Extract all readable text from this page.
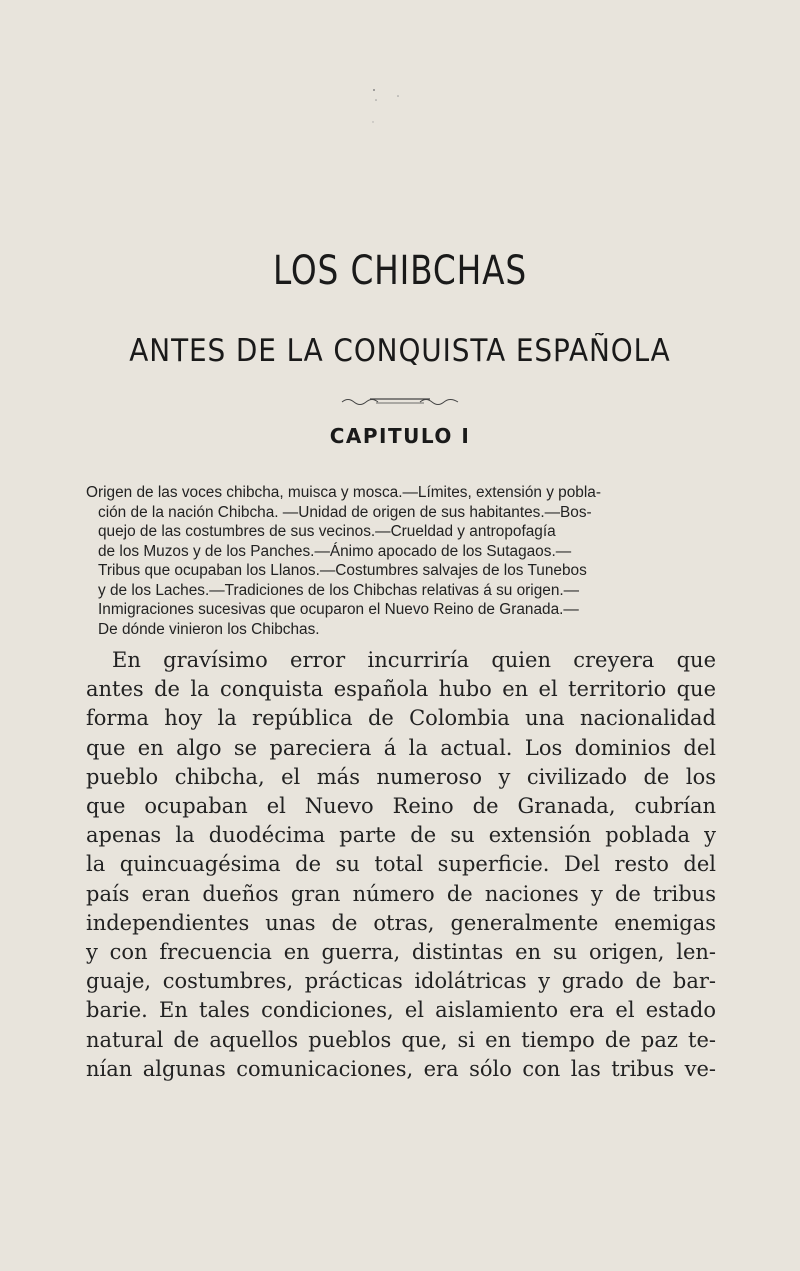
LOS CHIBCHAS
ANTES DE LA CONQUISTA ESPAÑOLA
CAPITULO I
Origen de las voces chibcha, muisca y mosca.—Límites, extensión y pobla-
ción de la nación Chibcha. —Unidad de origen de sus habitantes.—Bos-
quejo de las costumbres de sus vecinos.—Crueldad y antropofagía
de los Muzos y de los Panches.—Ánimo apocado de los Sutagaos.—
Tribus que ocupaban los Llanos.—Costumbres salvajes de los Tunebos
y de los Laches.—Tradiciones de los Chibchas relativas á su origen.—
Inmigraciones sucesivas que ocuparon el Nuevo Reino de Granada.—
De dónde vinieron los Chibchas.
En gravísimo error incurriría quien creyera que
antes de la conquista española hubo en el territorio que
forma hoy la república de Colombia una nacionalidad
que en algo se pareciera á la actual. Los dominios del
pueblo chibcha, el más numeroso y civilizado de los
que ocupaban el Nuevo Reino de Granada, cubrían
apenas la duodécima parte de su extensión poblada y
la quincuagésima de su total superficie. Del resto del
país eran dueños gran número de naciones y de tribus
independientes unas de otras, generalmente enemigas
y con frecuencia en guerra, distintas en su origen, len-
guaje, costumbres, prácticas idolátricas y grado de bar-
barie. En tales condiciones, el aislamiento era el estado
natural de aquellos pueblos que, si en tiempo de paz te-
nían algunas comunicaciones, era sólo con las tribus ve-
